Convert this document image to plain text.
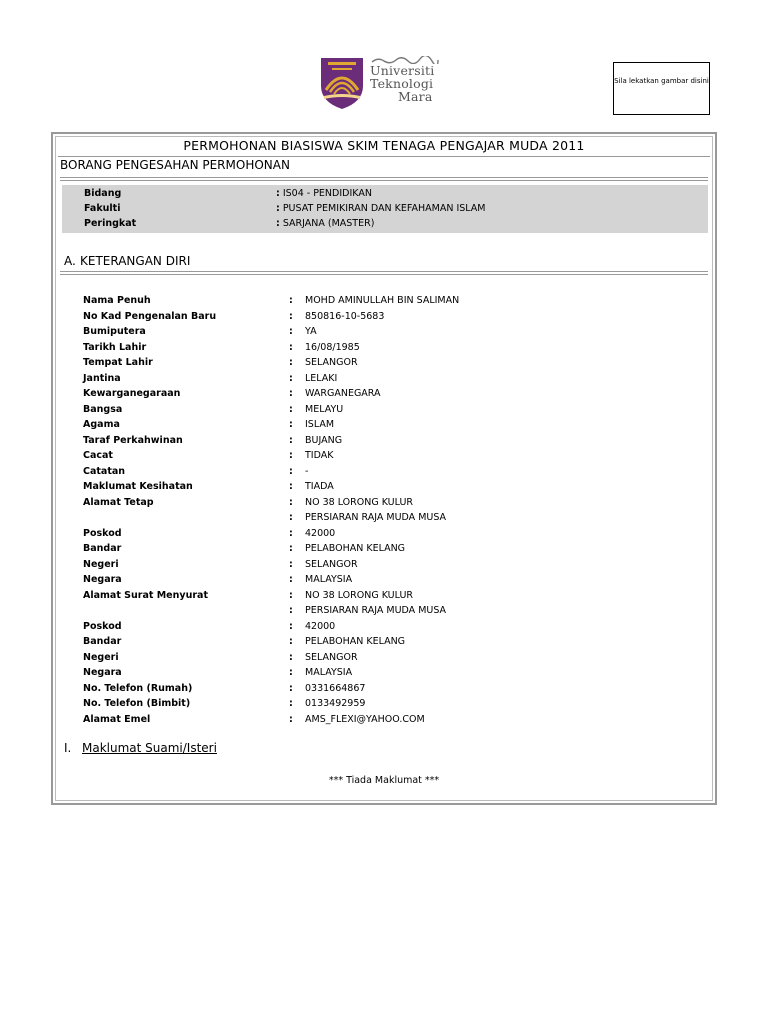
Universiti
Teknologi
Mara
Sila lekatkan gambar disini
PERMOHONAN BIASISWA SKIM TENAGA PENGAJAR MUDA 2011
BORANG PENGESAHAN PERMOHONAN
Bidang	: IS04 - PENDIDIKAN
Fakulti	: PUSAT PEMIKIRAN DAN KEFAHAMAN ISLAM
Peringkat	: SARJANA (MASTER)
A. KETERANGAN DIRI
Nama Penuh	: MOHD AMINULLAH BIN SALIMAN
No Kad Pengenalan Baru	: 850816-10-5683
Bumiputera	: YA
Tarikh Lahir	: 16/08/1985
Tempat Lahir	: SELANGOR
Jantina	: LELAKI
Kewarganegaraan	: WARGANEGARA
Bangsa	: MELAYU
Agama	: ISLAM
Taraf Perkahwinan	: BUJANG
Cacat	: TIDAK
Catatan	: -
Maklumat Kesihatan	: TIADA
Alamat Tetap	: NO 38 LORONG KULUR
: PERSIARAN RAJA MUDA MUSA
Poskod	: 42000
Bandar	: PELABOHAN KELANG
Negeri	: SELANGOR
Negara	: MALAYSIA
Alamat Surat Menyurat	: NO 38 LORONG KULUR
: PERSIARAN RAJA MUDA MUSA
Poskod	: 42000
Bandar	: PELABOHAN KELANG
Negeri	: SELANGOR
Negara	: MALAYSIA
No. Telefon (Rumah)	: 0331664867
No. Telefon (Bimbit)	: 0133492959
Alamat Emel	: AMS_FLEXI@YAHOO.COM
I. Maklumat Suami/Isteri
*** Tiada Maklumat ***
